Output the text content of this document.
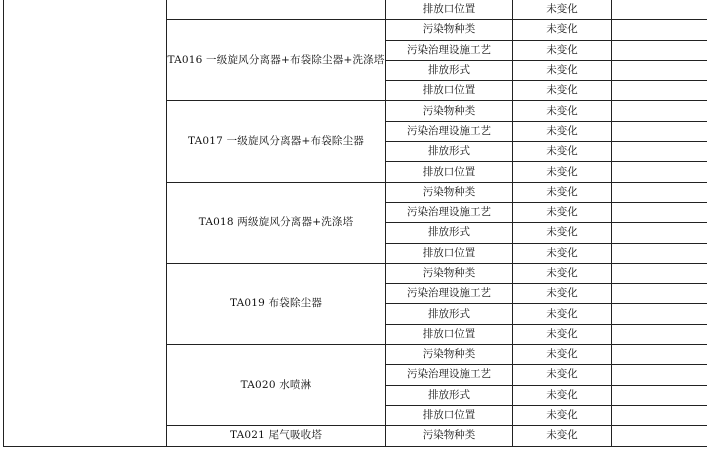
		排放口位置	未变化	
	TA016 一级旋风分离器+布袋除尘器+洗涤塔	污染物种类	未变化	
		污染治理设施工艺	未变化	
		排放形式	未变化	
		排放口位置	未变化	
	TA017 一级旋风分离器+布袋除尘器	污染物种类	未变化	
		污染治理设施工艺	未变化	
		排放形式	未变化	
		排放口位置	未变化	
	TA018 两级旋风分离器+洗涤塔	污染物种类	未变化	
		污染治理设施工艺	未变化	
		排放形式	未变化	
		排放口位置	未变化	
	TA019 布袋除尘器	污染物种类	未变化	
		污染治理设施工艺	未变化	
		排放形式	未变化	
		排放口位置	未变化	
	TA020 水喷淋	污染物种类	未变化	
		污染治理设施工艺	未变化	
		排放形式	未变化	
		排放口位置	未变化	
	TA021 尾气吸收塔	污染物种类	未变化	
